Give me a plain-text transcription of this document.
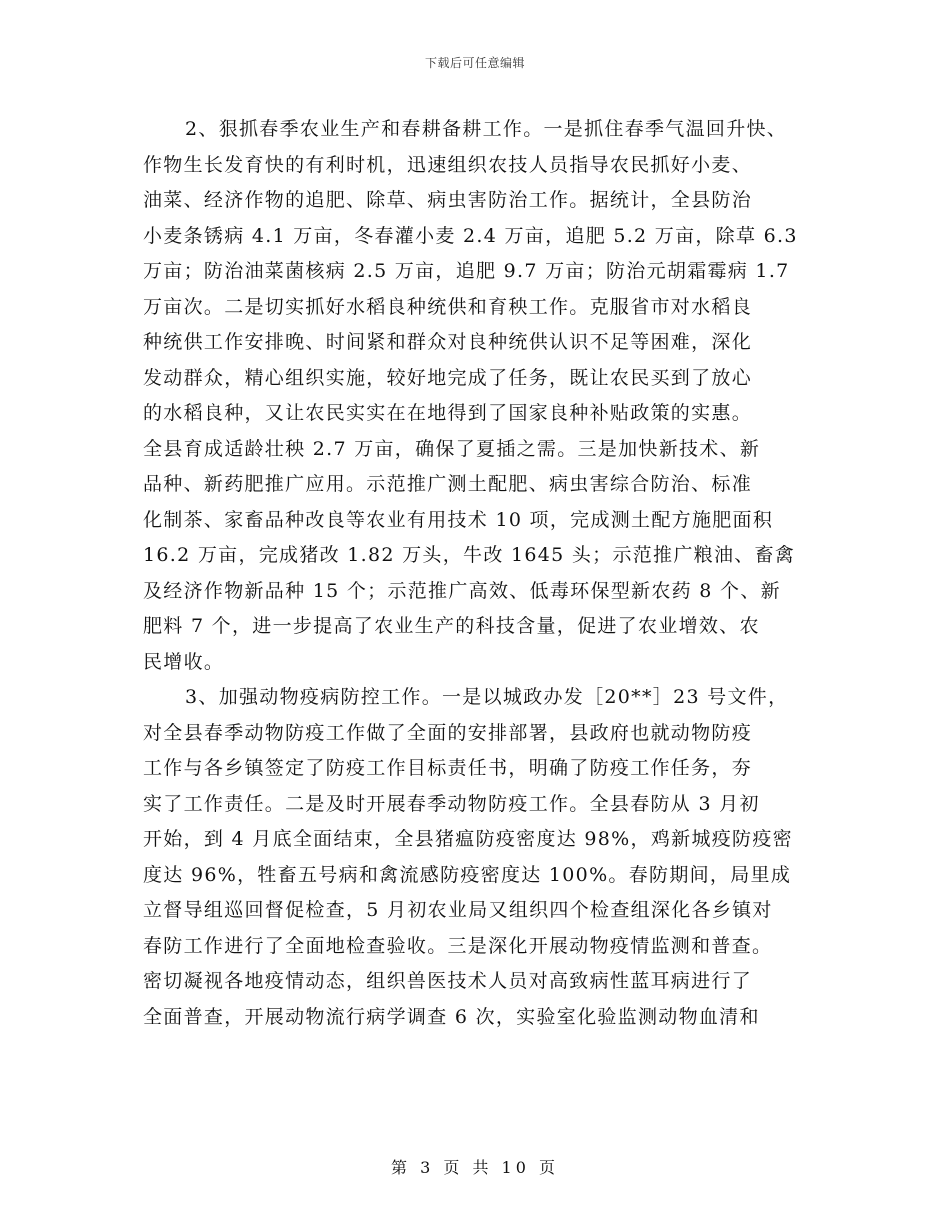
下载后可任意编辑
2、狠抓春季农业生产和春耕备耕工作。一是抓住春季气温回升快、
作物生长发育快的有利时机，迅速组织农技人员指导农民抓好小麦、
油菜、经济作物的追肥、除草、病虫害防治工作。据统计，全县防治
小麦条锈病 4.1 万亩，冬春灌小麦 2.4 万亩，追肥 5.2 万亩，除草 6.3
万亩；防治油菜菌核病 2.5 万亩，追肥 9.7 万亩；防治元胡霜霉病 1.7
万亩次。二是切实抓好水稻良种统供和育秧工作。克服省市对水稻良
种统供工作安排晚、时间紧和群众对良种统供认识不足等困难，深化
发动群众，精心组织实施，较好地完成了任务，既让农民买到了放心
的水稻良种，又让农民实实在在地得到了国家良种补贴政策的实惠。
全县育成适龄壮秧 2.7 万亩，确保了夏插之需。三是加快新技术、新
品种、新药肥推广应用。示范推广测土配肥、病虫害综合防治、标准
化制茶、家畜品种改良等农业有用技术 10 项，完成测土配方施肥面积
16.2 万亩，完成猪改 1.82 万头，牛改 1645 头；示范推广粮油、畜禽
及经济作物新品种 15 个；示范推广高效、低毒环保型新农药 8 个、新
肥料 7 个，进一步提高了农业生产的科技含量，促进了农业增效、农
民增收。
3、加强动物疫病防控工作。一是以城政办发［20**］23 号文件，
对全县春季动物防疫工作做了全面的安排部署，县政府也就动物防疫
工作与各乡镇签定了防疫工作目标责任书，明确了防疫工作任务，夯
实了工作责任。二是及时开展春季动物防疫工作。全县春防从 3 月初
开始，到 4 月底全面结束，全县猪瘟防疫密度达 98%，鸡新城疫防疫密
度达 96%，牲畜五号病和禽流感防疫密度达 100%。春防期间，局里成
立督导组巡回督促检查，5 月初农业局又组织四个检查组深化各乡镇对
春防工作进行了全面地检查验收。三是深化开展动物疫情监测和普查。
密切凝视各地疫情动态，组织兽医技术人员对高致病性蓝耳病进行了
全面普查，开展动物流行病学调查 6 次，实验室化验监测动物血清和
第 3 页 共 10 页
